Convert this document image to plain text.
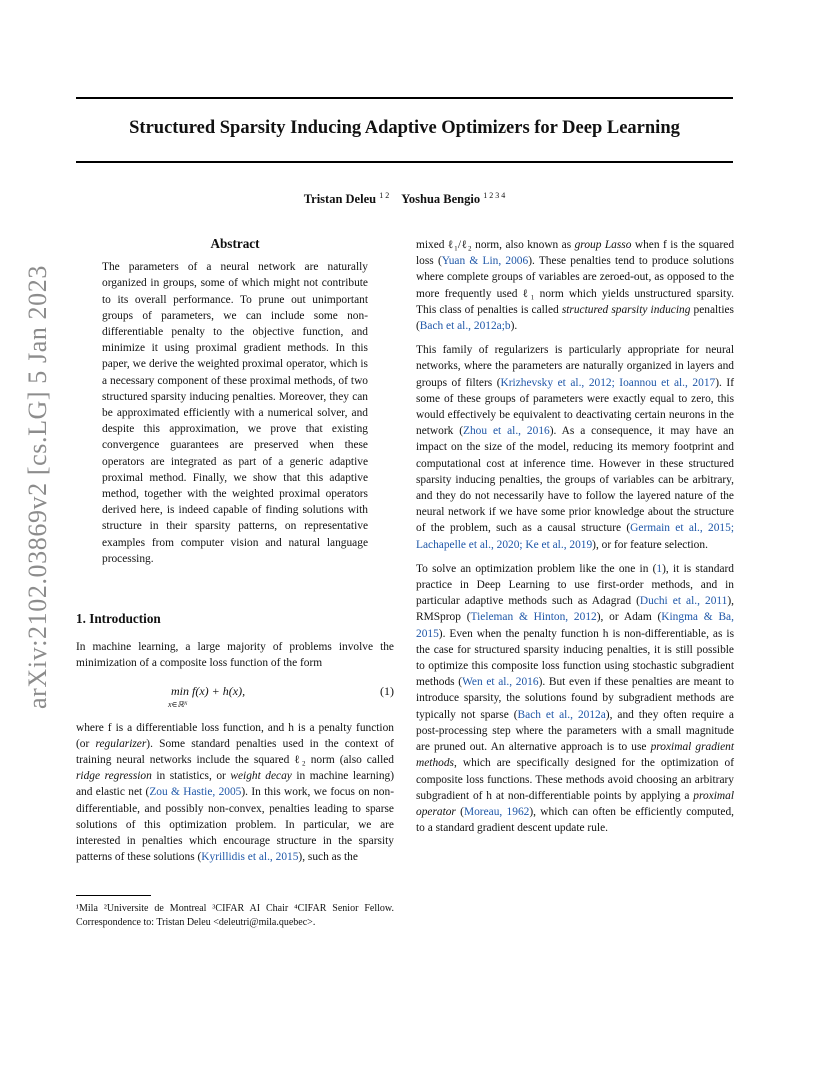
Structured Sparsity Inducing Adaptive Optimizers for Deep Learning
Tristan Deleu $^{1 2}$ Yoshua Bengio $^{1 2 3 4}$
arXiv:2102.03869v2 [cs.LG] 5 Jan 2023
Abstract

The parameters of a neural network are naturally organized in groups, some of which might not contribute to its overall performance. To prune out unimportant groups of parameters, we can include some non-differentiable penalty to the objective function, and minimize it using proximal gradient methods. In this paper, we derive the weighted proximal operator, which is a necessary component of these proximal methods, of two structured sparsity inducing penalties. Moreover, they can be approximated efficiently with a numerical solver, and despite this approximation, we prove that existing convergence guarantees are preserved when these operators are integrated as part of a generic adaptive proximal method. Finally, we show that this adaptive method, together with the weighted proximal operators derived here, is indeed capable of finding solutions with structure in their sparsity patterns, on representative examples from computer vision and natural language processing.

1. Introduction

In machine learning, a large majority of problems involve the minimization of a composite loss function of the form

min f(x) + h(x),
x∈ℝᴺ
(1)

where f is a differentiable loss function, and h is a penalty function (or regularizer). Some standard penalties used in the context of training neural networks include the squared ℓ₂ norm (also called ridge regression in statistics, or weight decay in machine learning) and elastic net (Zou & Hastie, 2005). In this work, we focus on non-differentiable, and possibly non-convex, penalties leading to sparse solutions of this optimization problem. In particular, we are interested in penalties which encourage structure in the sparsity patterns of these solutions (Kyrillidis et al., 2015), such as the

¹Mila ²Universite de Montreal ³CIFAR AI Chair ⁴CIFAR Senior Fellow. Correspondence to: Tristan Deleu <deleutri@mila.quebec>.

mixed ℓ₁/ℓ₂ norm, also known as group Lasso when f is the squared loss (Yuan & Lin, 2006). These penalties tend to produce solutions where complete groups of variables are zeroed-out, as opposed to the more frequently used ℓ₁ norm which yields unstructured sparsity. This class of penalties is called structured sparsity inducing penalties (Bach et al., 2012a;b).

This family of regularizers is particularly appropriate for neural networks, where the parameters are naturally organized in layers and groups of filters (Krizhevsky et al., 2012; Ioannou et al., 2017). If some of these groups of parameters were exactly equal to zero, this would effectively be equivalent to deactivating certain neurons in the network (Zhou et al., 2016). As a consequence, it may have an impact on the size of the model, reducing its memory footprint and computational cost at inference time. However in these structured sparsity inducing penalties, the groups of variables can be arbitrary, and they do not necessarily have to follow the layered nature of the neural network if we have some prior knowledge about the structure of the problem, such as a causal structure (Germain et al., 2015; Lachapelle et al., 2020; Ke et al., 2019), or for feature selection.

To solve an optimization problem like the one in (1), it is standard practice in Deep Learning to use first-order methods, and in particular adaptive methods such as Adagrad (Duchi et al., 2011), RMSprop (Tieleman & Hinton, 2012), or Adam (Kingma & Ba, 2015). Even when the penalty function h is non-differentiable, as is the case for structured sparsity inducing penalties, it is still possible to optimize this composite loss function using stochastic subgradient methods (Wen et al., 2016). But even if these penalties are meant to introduce sparsity, the solutions found by subgradient methods are typically not sparse (Bach et al., 2012a), and they often require a post-processing step where the parameters with a small magnitude are pruned out. An alternative approach is to use proximal gradient methods, which are specifically designed for the optimization of composite loss functions. These methods avoid choosing an arbitrary subgradient of h at non-differentiable points by applying a proximal operator (Moreau, 1962), which can often be efficiently computed, to a standard gradient descent update rule.
